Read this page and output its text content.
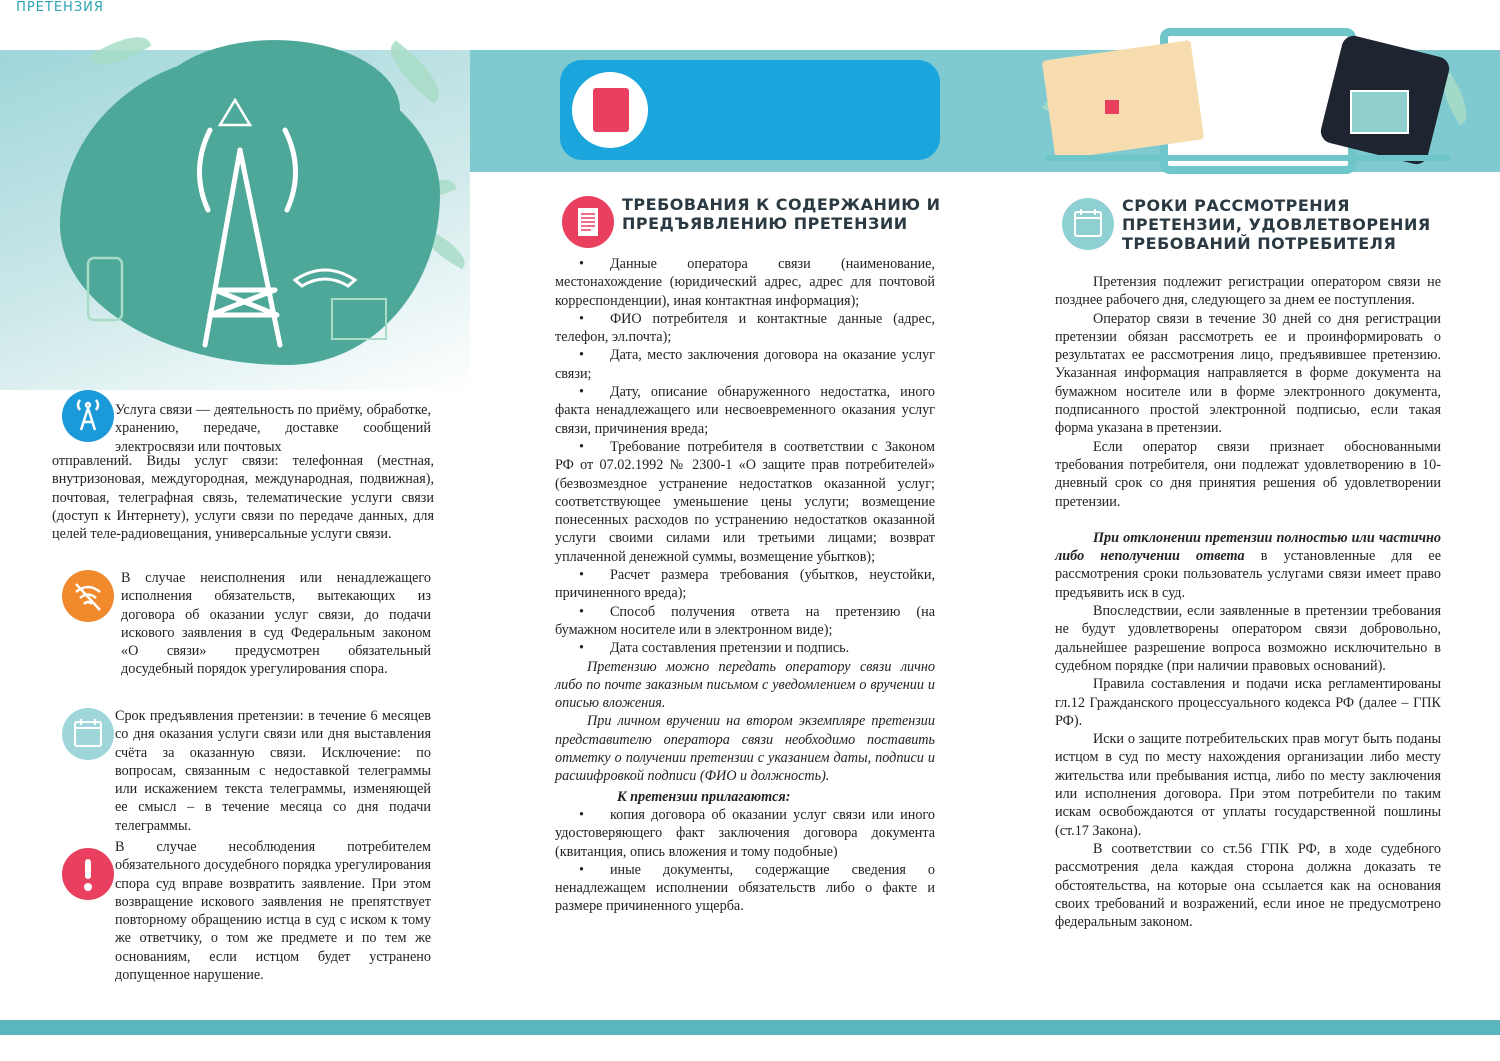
ПРЕТЕНЗИЯ
Услуга связи — деятельность по приёму, обработке, хранению, передаче, доставке сообщений электросвязи или почтовых
отправлений. Виды услуг связи: телефонная (местная, внутризоновая, междугородная, международная, подвижная), почтовая, телеграфная связь, телематические услуги связи (доступ к Интернету), услуги связи по передаче данных, для целей теле-радиовещания, универсальные услуги связи.
В случае неисполнения или ненадлежащего исполнения обязательств, вытекающих из договора об оказании услуг связи, до подачи искового заявления в суд Федеральным законом «О связи» предусмотрен обязательный досудебный порядок урегулирования спора.
Срок предъявления претензии: в течение 6 месяцев со дня оказания услуги связи или дня выставления счёта за оказанную связи. Исключение: по вопросам, связанным с недоставкой телеграммы или искажением текста телеграммы, изменяющей ее смысл – в течение месяца со дня подачи телеграммы.
В случае несоблюдения потребителем обязательного досудебного порядка урегулирования спора суд вправе возвратить заявление. При этом возвращение искового заявления не препятствует повторному обращению истца в суд с иском к тому же ответчику, о том же предмете и по тем же основаниям, если истцом будет устранено допущенное нарушение.
ТРЕБОВАНИЯ К СОДЕРЖАНИЮ И
ПРЕДЪЯВЛЕНИЮ ПРЕТЕНЗИИ

• Данные оператора связи (наименование, местонахождение (юридический адрес, адрес для почтовой корреспонденции), иная контактная информация);

• ФИО потребителя и контактные данные (адрес, телефон, эл.почта);

• Дата, место заключения договора на оказание услуг связи;

• Дату, описание обнаруженного недостатка, иного факта ненадлежащего или несвоевременного оказания услуг связи, причинения вреда;

• Требование потребителя в соответствии с Законом РФ от 07.02.1992 № 2300-1 «О защите прав потребителей» (безвозмездное устранение недостатков оказанной услуг; соответствующее уменьшение цены услуги; возмещение понесенных расходов по устранению недостатков оказанной услуги своими силами или третьими лицами; возврат уплаченной денежной суммы, возмещение убытков);

• Расчет размера требования (убытков, неустойки, причиненного вреда);

• Способ получения ответа на претензию (на бумажном носителе или в электронном виде);

• Дата составления претензии и подпись.

Претензию можно передать оператору связи лично либо по почте заказным письмом с уведомлением о вручении и описью вложения.

При личном вручении на втором экземпляре претензии представителю оператора связи необходимо поставить отметку о получении претензии с указанием даты, подписи и расшифровкой подписи (ФИО и должность).

К претензии прилагаются:

• копия договора об оказании услуг связи или иного удостоверяющего факт заключения договора документа (квитанция, опись вложения и тому подобные)

• иные документы, содержащие сведения о ненадлежащем исполнении обязательств либо о факте и размере причиненного ущерба.

СРОКИ РАССМОТРЕНИЯ
ПРЕТЕНЗИИ, УДОВЛЕТВОРЕНИЯ
ТРЕБОВАНИЙ ПОТРЕБИТЕЛЯ

Претензия подлежит регистрации оператором связи не позднее рабочего дня, следующего за днем ее поступления.

Оператор связи в течение 30 дней со дня регистрации претензии обязан рассмотреть ее и проинформировать о результатах ее рассмотрения лицо, предъявившее претензию. Указанная информация направляется в форме документа на бумажном носителе или в форме электронного документа, подписанного простой электронной подписью, если такая форма указана в претензии.

Если оператор связи признает обоснованными требования потребителя, они подлежат удовлетворению в 10-дневный срок со дня принятия решения об удовлетворении претензии.

При отклонении претензии полностью или частично либо неполучении ответа в установленные для ее рассмотрения сроки пользователь услугами связи имеет право предъявить иск в суд.

Впоследствии, если заявленные в претензии требования не будут удовлетворены оператором связи добровольно, дальнейшее разрешение вопроса возможно исключительно в судебном порядке (при наличии правовых оснований).

Правила составления и подачи иска регламентированы гл.12 Гражданского процессуального кодекса РФ (далее – ГПК РФ).

Иски о защите потребительских прав могут быть поданы истцом в суд по месту нахождения организации либо месту жительства или пребывания истца, либо по месту заключения или исполнения договора. При этом потребители по таким искам освобождаются от уплаты государственной пошлины (ст.17 Закона).

В соответствии со ст.56 ГПК РФ, в ходе судебного рассмотрения дела каждая сторона должна доказать те обстоятельства, на которые она ссылается как на основания своих требований и возражений, если иное не предусмотрено федеральным законом.
